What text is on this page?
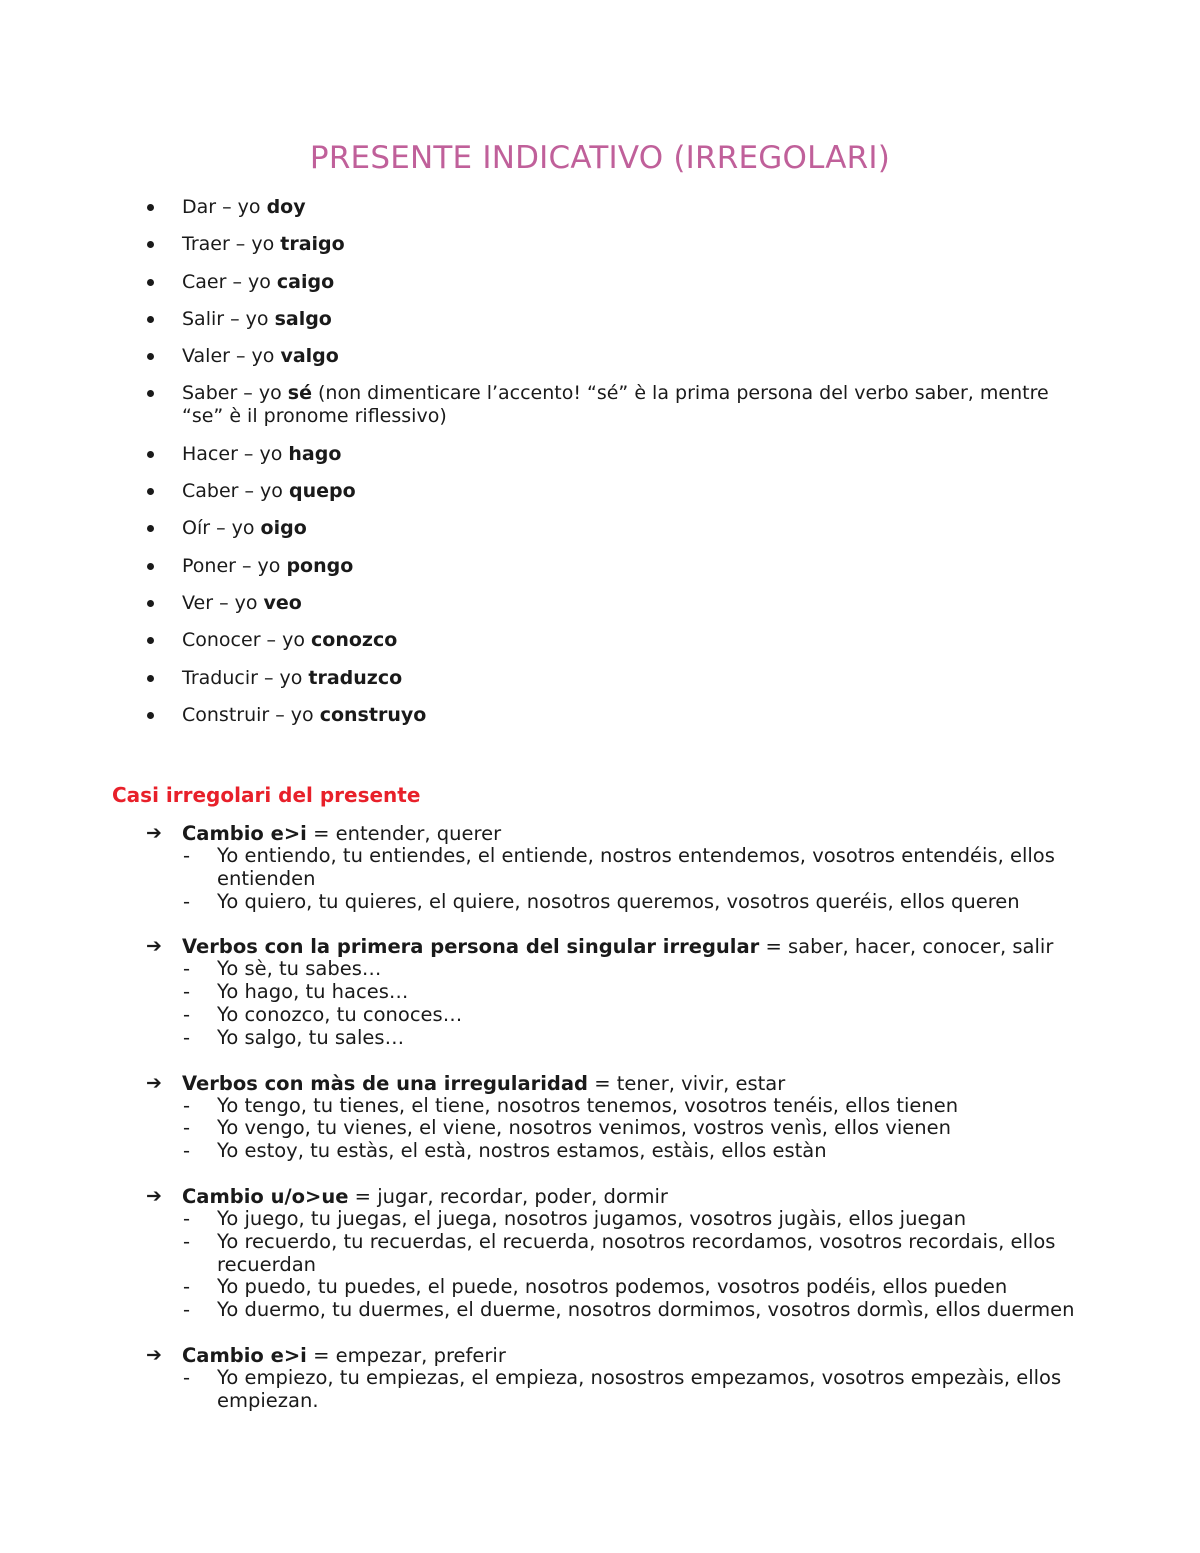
PRESENTE INDICATIVO (IRREGOLARI)
Dar – yo doy
Traer – yo traigo
Caer – yo caigo
Salir – yo salgo
Valer – yo valgo
Saber – yo sé (non dimenticare l’accento! “sé” è la prima persona del verbo saber, mentre “se” è il pronome riflessivo)
Hacer – yo hago
Caber – yo quepo
Oír – yo oigo
Poner – yo pongo
Ver – yo veo
Conocer – yo conozco
Traducir – yo traduzco
Construir – yo construyo
Casi irregolari del presente
➔ Cambio e>i = entender, querer
- Yo entiendo, tu entiendes, el entiende, nostros entendemos, vosotros entendéis, ellos entienden
- Yo quiero, tu quieres, el quiere, nosotros queremos, vosotros queréis, ellos queren
➔ Verbos con la primera persona del singular irregular = saber, hacer, conocer, salir
- Yo sè, tu sabes…
- Yo hago, tu haces…
- Yo conozco, tu conoces…
- Yo salgo, tu sales…
➔ Verbos con màs de una irregularidad = tener, vivir, estar
- Yo tengo, tu tienes, el tiene, nosotros tenemos, vosotros tenéis, ellos tienen
- Yo vengo, tu vienes, el viene, nosotros venimos, vostros venìs, ellos vienen
- Yo estoy, tu estàs, el està, nostros estamos, estàis, ellos estàn
➔ Cambio u/o>ue = jugar, recordar, poder, dormir
- Yo juego, tu juegas, el juega, nosotros jugamos, vosotros jugàis, ellos juegan
- Yo recuerdo, tu recuerdas, el recuerda, nosotros recordamos, vosotros recordais, ellos recuerdan
- Yo puedo, tu puedes, el puede, nosotros podemos, vosotros podéis, ellos pueden
- Yo duermo, tu duermes, el duerme, nosotros dormimos, vosotros dormìs, ellos duermen
➔ Cambio e>i = empezar, preferir
- Yo empiezo, tu empiezas, el empieza, nosostros empezamos, vosotros empezàis, ellos empiezan.
